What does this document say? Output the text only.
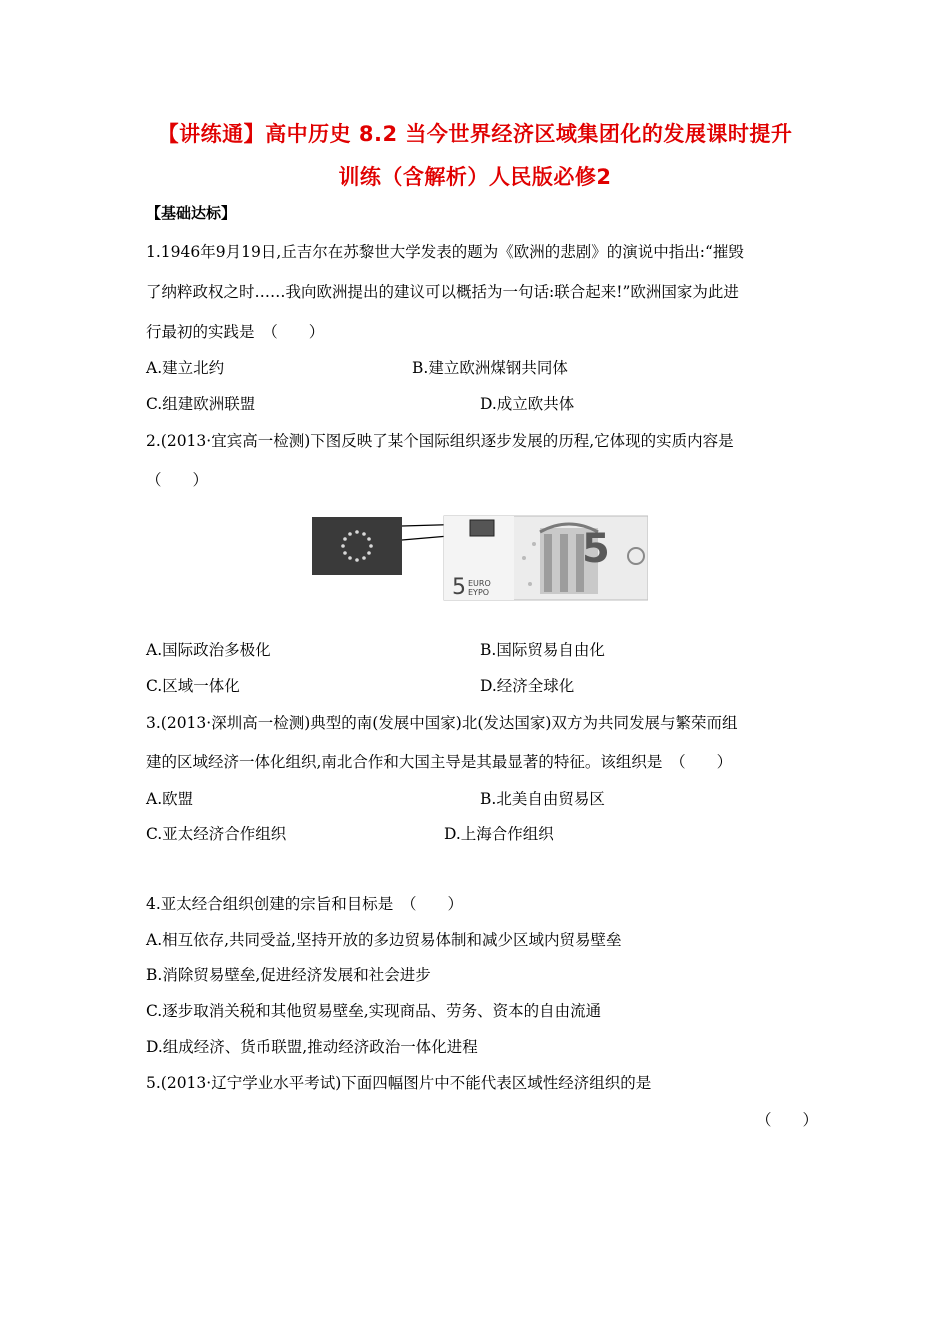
【讲练通】高中历史 8.2 当今世界经济区域集团化的发展课时提升
训练（含解析）人民版必修2
【基础达标】
1.1946年9月19日,丘吉尔在苏黎世大学发表的题为《欧洲的悲剧》的演说中指出:“摧毁
了纳粹政权之时……我向欧洲提出的建议可以概括为一句话:联合起来!”欧洲国家为此进
行最初的实践是　（　　）
A.建立北约	B.建立欧洲煤钢共同体
C.组建欧洲联盟	D.成立欧共体
2.(2013·宜宾高一检测)下图反映了某个国际组织逐步发展的历程,它体现的实质内容是
（　　）
5
5 EURO
EYPO
A.国际政治多极化	B.国际贸易自由化
C.区域一体化	D.经济全球化
3.(2013·深圳高一检测)典型的南(发展中国家)北(发达国家)双方为共同发展与繁荣而组
建的区域经济一体化组织,南北合作和大国主导是其最显著的特征。该组织是　（　　）
A.欧盟	B.北美自由贸易区
C.亚太经济合作组织	D.上海合作组织
4.亚太经合组织创建的宗旨和目标是　（　　）
A.相互依存,共同受益,坚持开放的多边贸易体制和减少区域内贸易壁垒
B.消除贸易壁垒,促进经济发展和社会进步
C.逐步取消关税和其他贸易壁垒,实现商品、劳务、资本的自由流通
D.组成经济、货币联盟,推动经济政治一体化进程
5.(2013·辽宁学业水平考试)下面四幅图片中不能代表区域性经济组织的是
（　　）
